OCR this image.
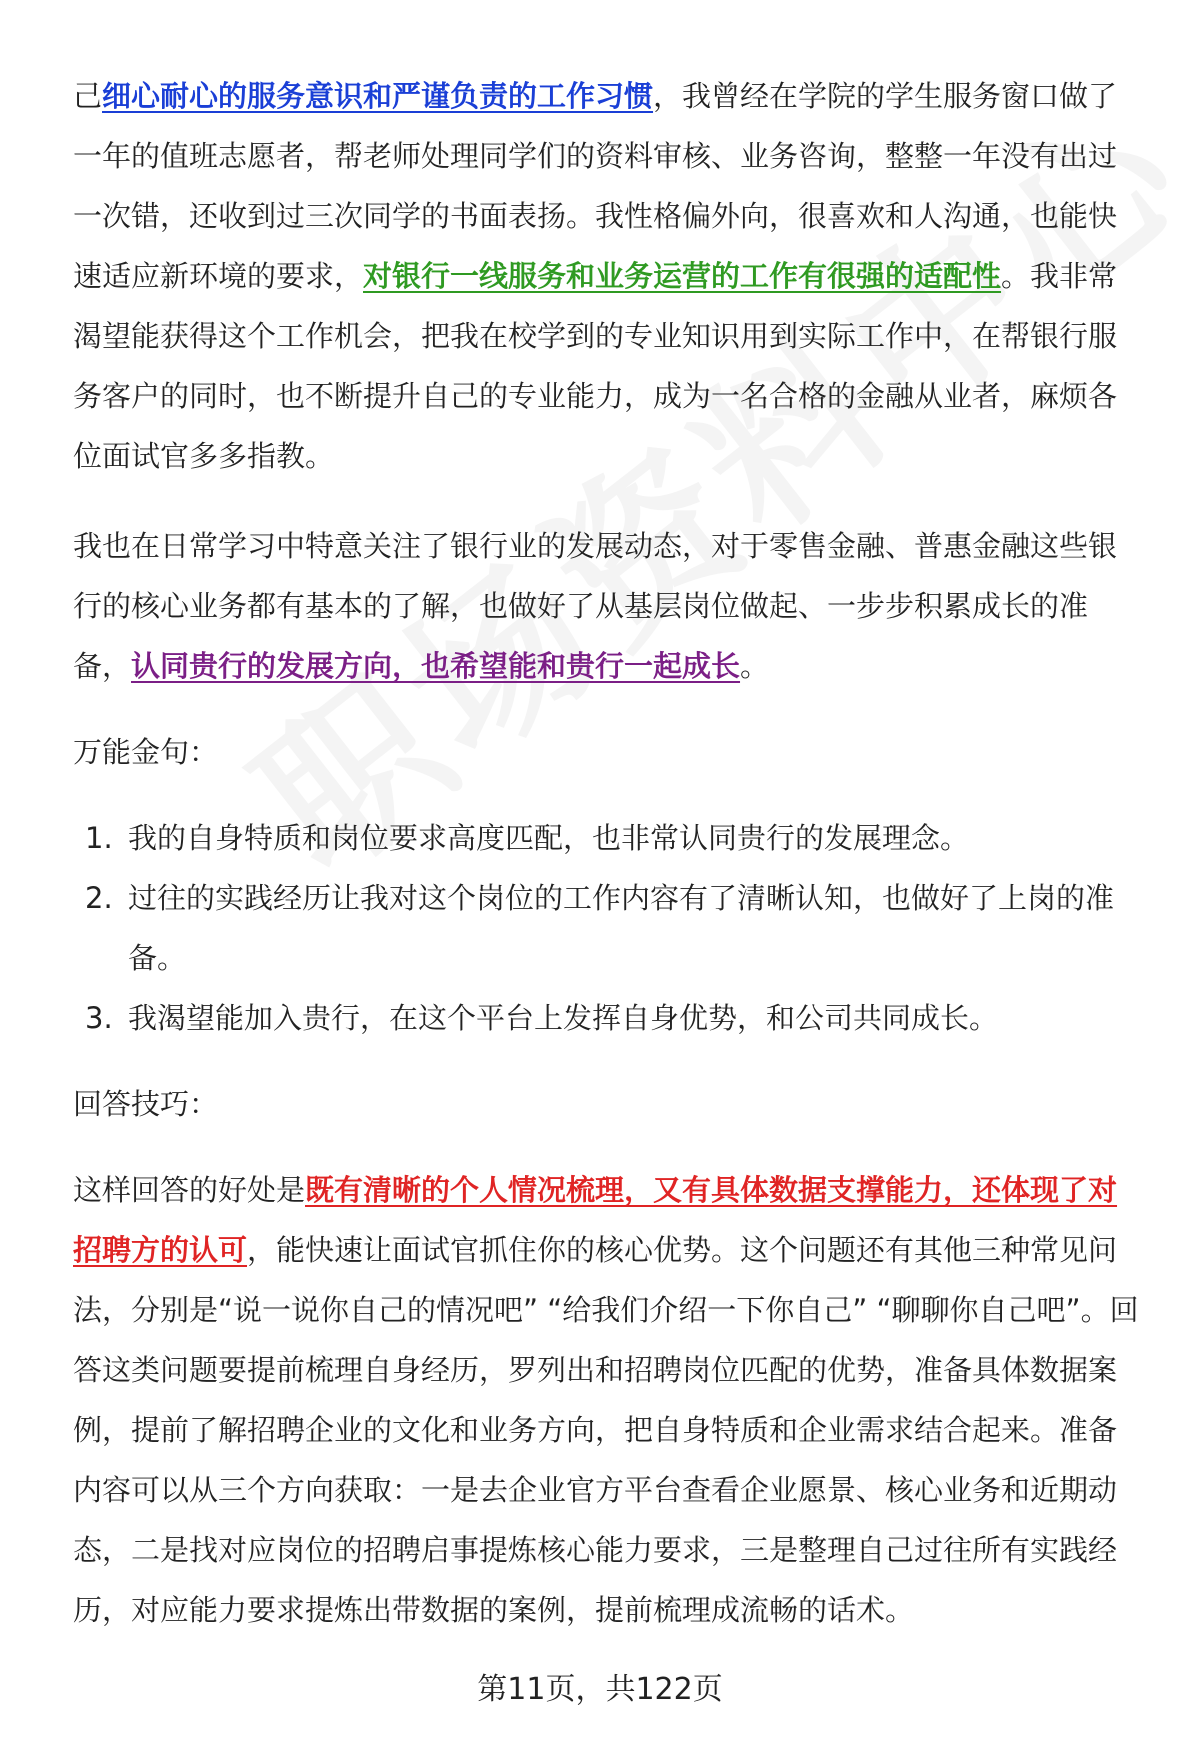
己细心耐心的服务意识和严谨负责的工作习惯，我曾经在学院的学生服务窗口做了一年的值班志愿者，帮老师处理同学们的资料审核、业务咨询，整整一年没有出过一次错，还收到过三次同学的书面表扬。我性格偏外向，很喜欢和人沟通，也能快速适应新环境的要求，对银行一线服务和业务运营的工作有很强的适配性。我非常渴望能获得这个工作机会，把我在校学到的专业知识用到实际工作中，在帮银行服务客户的同时，也不断提升自己的专业能力，成为一名合格的金融从业者，麻烦各位面试官多多指教。

我也在日常学习中特意关注了银行业的发展动态，对于零售金融、普惠金融这些银行的核心业务都有基本的了解，也做好了从基层岗位做起、一步步积累成长的准备，认同贵行的发展方向，也希望能和贵行一起成长。

万能金句：

1. 我的自身特质和岗位要求高度匹配，也非常认同贵行的发展理念。
2. 过往的实践经历让我对这个岗位的工作内容有了清晰认知，也做好了上岗的准备。
3. 我渴望能加入贵行，在这个平台上发挥自身优势，和公司共同成长。

回答技巧：

这样回答的好处是既有清晰的个人情况梳理，又有具体数据支撑能力，还体现了对招聘方的认可，能快速让面试官抓住你的核心优势。这个问题还有其他三种常见问法，分别是“说一说你自己的情况吧” “给我们介绍一下你自己” “聊聊你自己吧”。回答这类问题要提前梳理自身经历，罗列出和招聘岗位匹配的优势，准备具体数据案例，提前了解招聘企业的文化和业务方向，把自身特质和企业需求结合起来。准备内容可以从三个方向获取：一是去企业官方平台查看企业愿景、核心业务和近期动态，二是找对应岗位的招聘启事提炼核心能力要求，三是整理自己过往所有实践经历，对应能力要求提炼出带数据的案例，提前梳理成流畅的话术。

第11页，共122页
